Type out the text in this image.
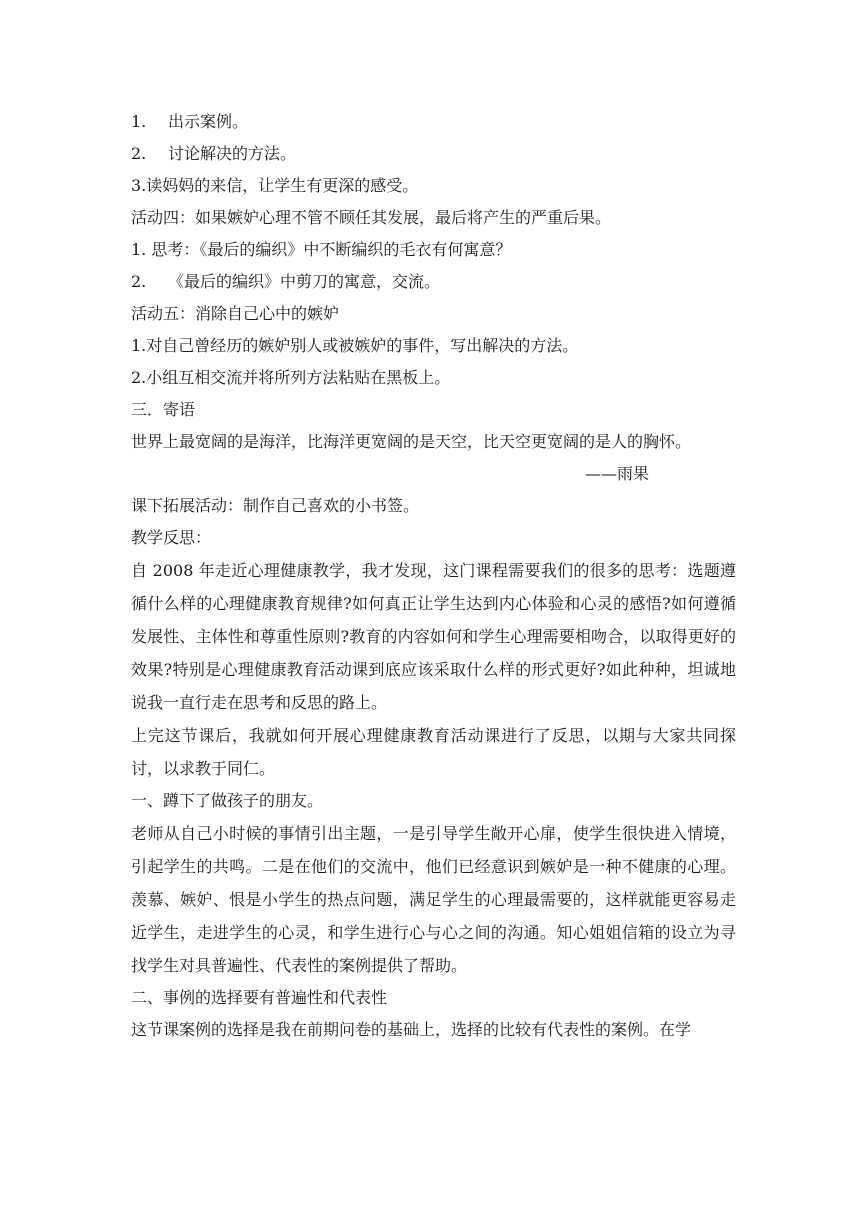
1. 出示案例。
2. 讨论解决的方法。
3.读妈妈的来信，让学生有更深的感受。
活动四：如果嫉妒心理不管不顾任其发展，最后将产生的严重后果。
1. 思考：《最后的编织》中不断编织的毛衣有何寓意？
2. 《最后的编织》中剪刀的寓意，交流。
活动五：消除自己心中的嫉妒
1.对自己曾经历的嫉妒别人或被嫉妒的事件，写出解决的方法。
2.小组互相交流并将所列方法粘贴在黑板上。
三．寄语
世界上最宽阔的是海洋，比海洋更宽阔的是天空，比天空更宽阔的是人的胸怀。
——雨果
课下拓展活动：制作自己喜欢的小书签。
教学反思：
自 2008 年走近心理健康教学，我才发现，这门课程需要我们的很多的思考：选题遵循什么样的心理健康教育规律?如何真正让学生达到内心体验和心灵的感悟?如何遵循发展性、主体性和尊重性原则?教育的内容如何和学生心理需要相吻合，以取得更好的效果?特别是心理健康教育活动课到底应该采取什么样的形式更好?如此种种，坦诚地说我一直行走在思考和反思的路上。
上完这节课后，我就如何开展心理健康教育活动课进行了反思，以期与大家共同探讨，以求教于同仁。
一、蹲下了做孩子的朋友。
老师从自己小时候的事情引出主题，一是引导学生敞开心扉，使学生很快进入情境，引起学生的共鸣。二是在他们的交流中，他们已经意识到嫉妒是一种不健康的心理。羡慕、嫉妒、恨是小学生的热点问题，满足学生的心理最需要的，这样就能更容易走近学生，走进学生的心灵，和学生进行心与心之间的沟通。知心姐姐信箱的设立为寻找学生对具普遍性、代表性的案例提供了帮助。
二、事例的选择要有普遍性和代表性
这节课案例的选择是我在前期问卷的基础上，选择的比较有代表性的案例。在学
